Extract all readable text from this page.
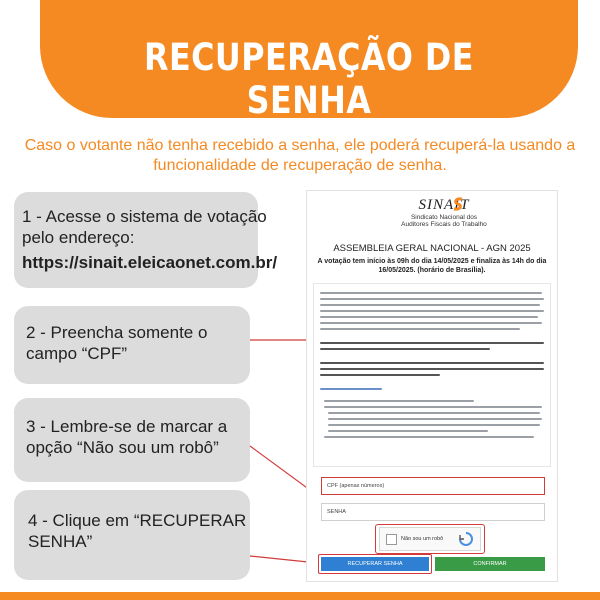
RECUPERAÇÃO DE SENHA
Caso o votante não tenha recebido a senha, ele poderá recuperá-la usando a
funcionalidade de recuperação de senha.
1 - Acesse o sistema de votação
pelo endereço:
https://sinait.eleicaonet.com.br/
2 - Preencha somente o
campo “CPF”
3 - Lembre-se de marcar a
opção “Não sou um robô”
4 - Clique em “RECUPERAR
SENHA”
SINAIT
Sindicato Nacional dos
Auditores Fiscais do Trabalho
ASSEMBLEIA GERAL NACIONAL - AGN 2025
A votação tem início às 09h do dia 14/05/2025 e finaliza às 14h do dia
16/05/2025. (horário de Brasília).
CPF (apenas números)
SENHA
Não sou um robô
RECUPERAR SENHA	CONFIRMAR
